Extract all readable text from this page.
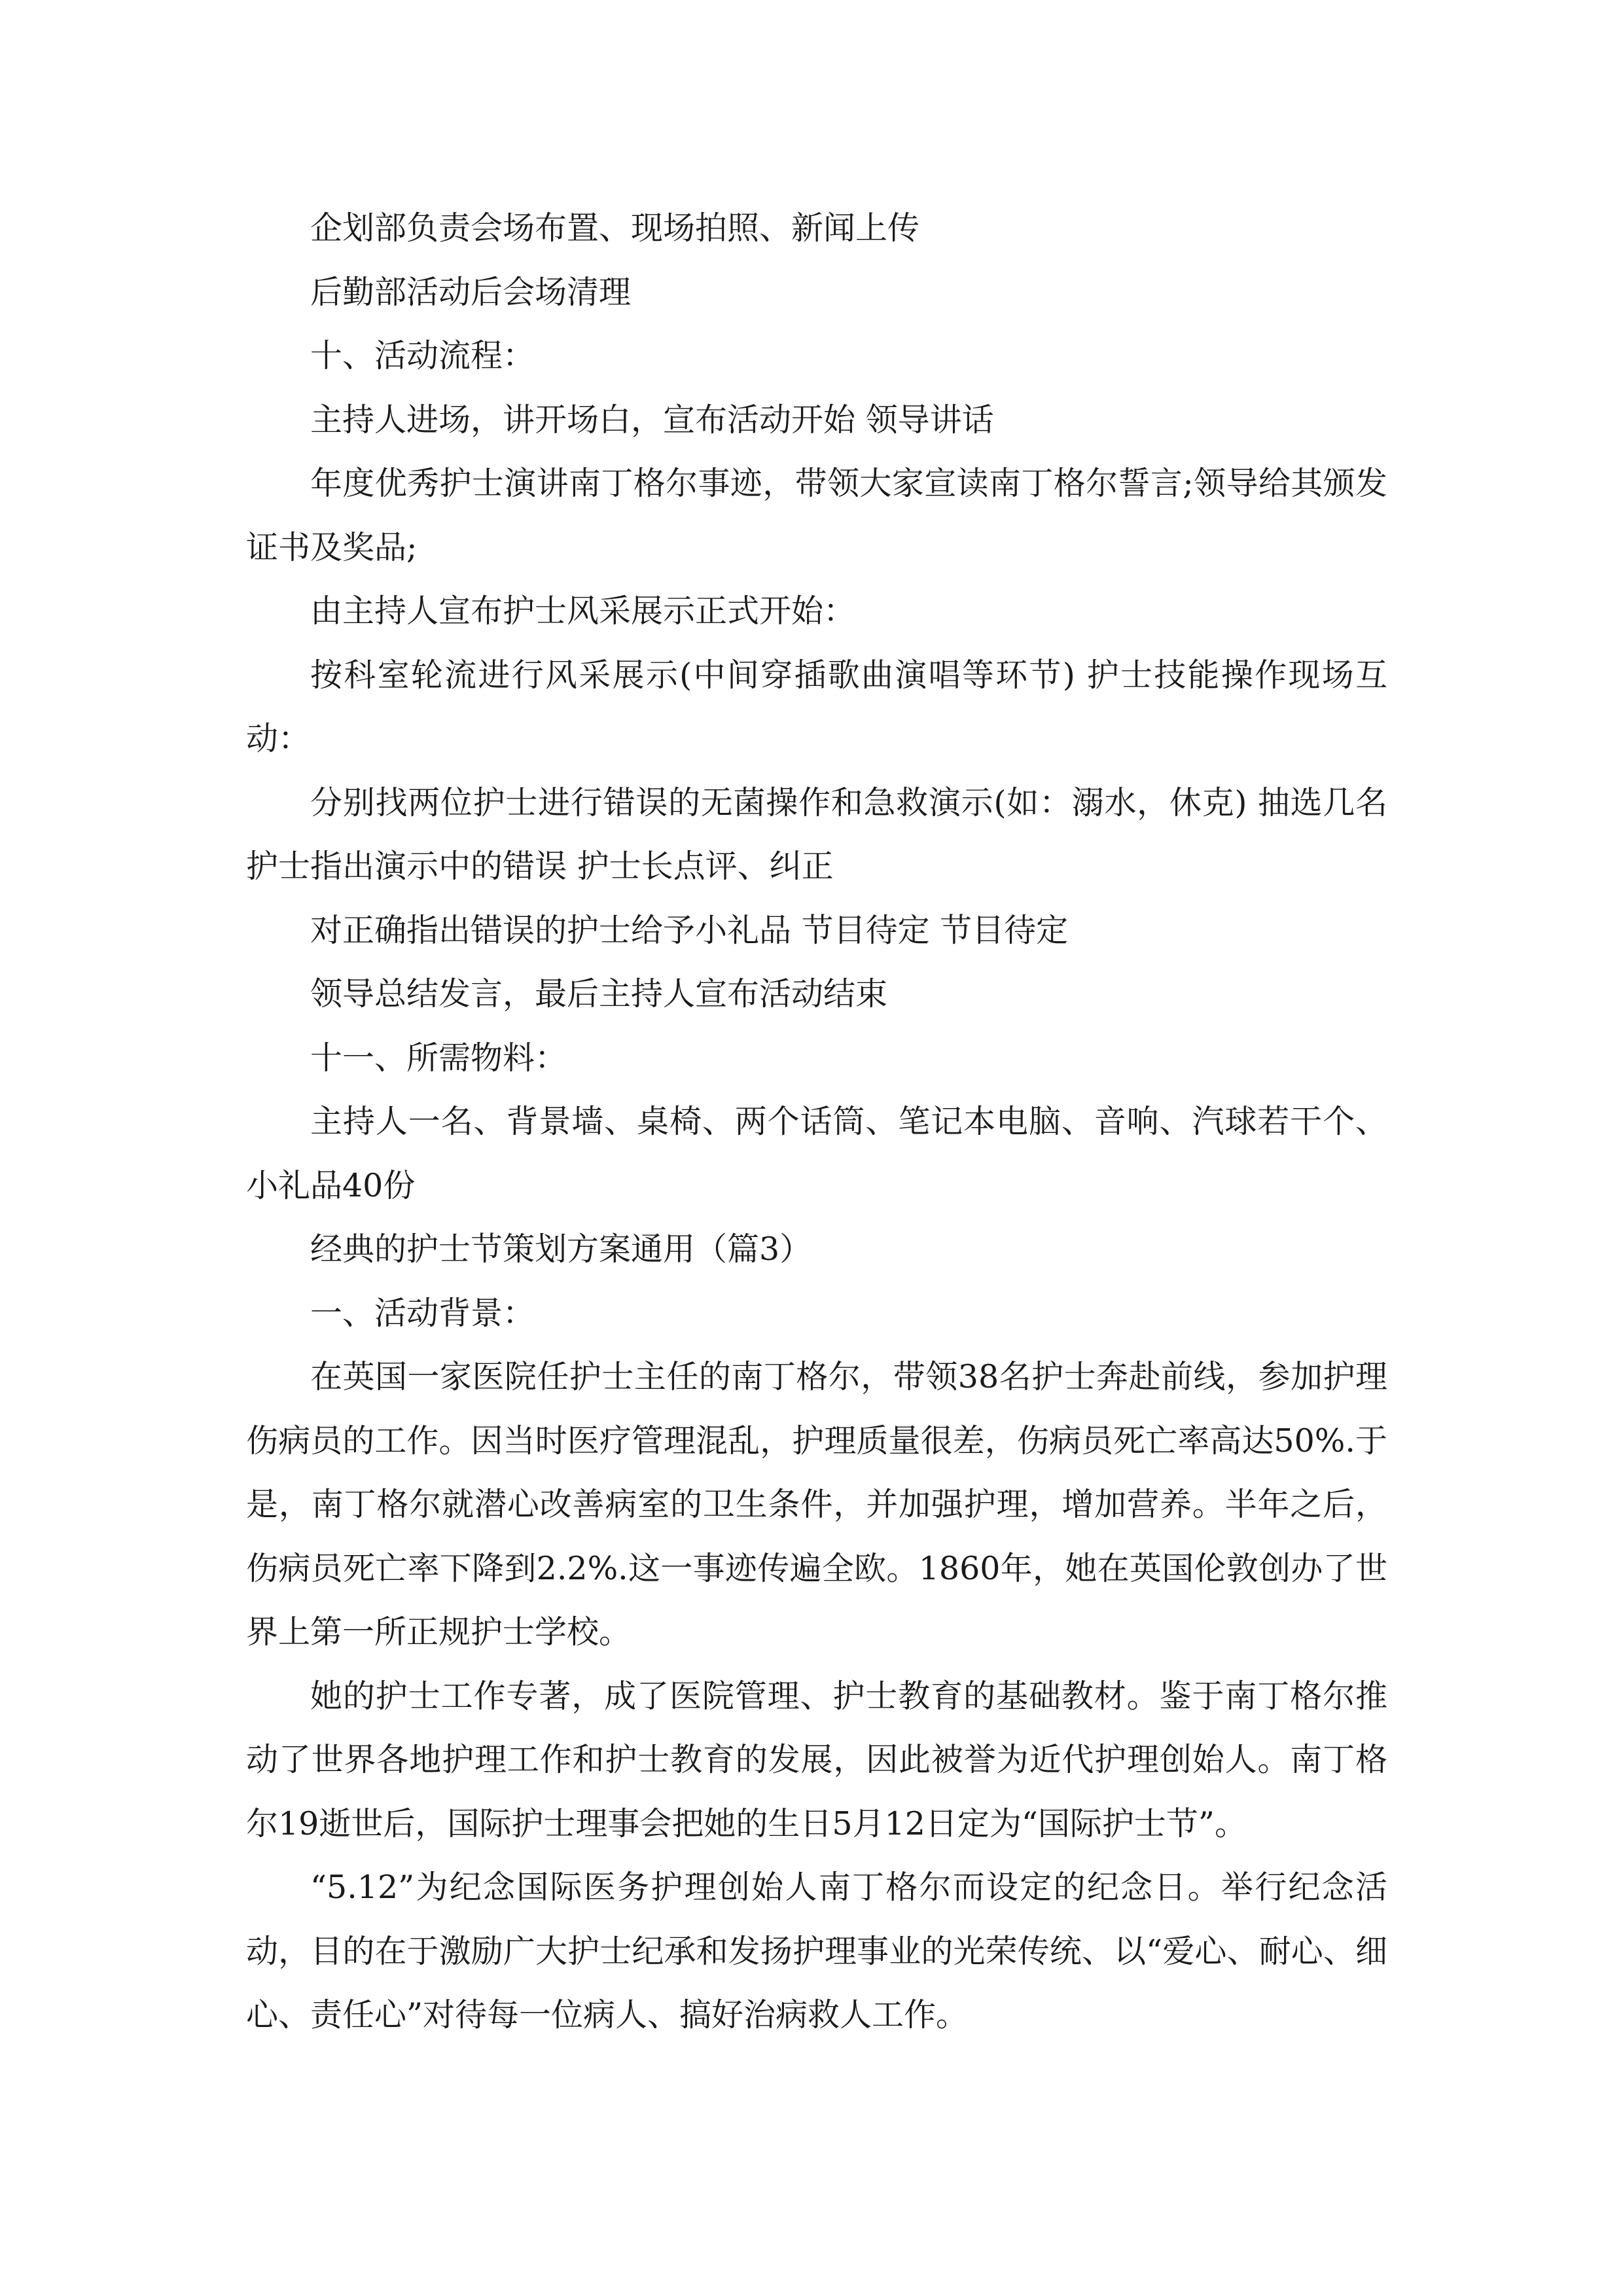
企划部负责会场布置、现场拍照、新闻上传

后勤部活动后会场清理

十、活动流程：

主持人进场，讲开场白，宣布活动开始 领导讲话

年度优秀护士演讲南丁格尔事迹，带领大家宣读南丁格尔誓言;领导给其颁发证书及奖品;

由主持人宣布护士风采展示正式开始：

按科室轮流进行风采展示(中间穿插歌曲演唱等环节) 护士技能操作现场互动：

分别找两位护士进行错误的无菌操作和急救演示(如：溺水，休克) 抽选几名护士指出演示中的错误 护士长点评、纠正

对正确指出错误的护士给予小礼品 节目待定 节目待定

领导总结发言，最后主持人宣布活动结束

十一、所需物料：

主持人一名、背景墙、桌椅、两个话筒、笔记本电脑、音响、汽球若干个、小礼品40份

经典的护士节策划方案通用（篇3）

一、活动背景：

在英国一家医院任护士主任的南丁格尔，带领38名护士奔赴前线，参加护理伤病员的工作。因当时医疗管理混乱，护理质量很差，伤病员死亡率高达50%.于是，南丁格尔就潜心改善病室的卫生条件，并加强护理，增加营养。半年之后，伤病员死亡率下降到2.2%.这一事迹传遍全欧。1860年，她在英国伦敦创办了世界上第一所正规护士学校。

她的护士工作专著，成了医院管理、护士教育的基础教材。鉴于南丁格尔推动了世界各地护理工作和护士教育的发展，因此被誉为近代护理创始人。南丁格尔19逝世后，国际护士理事会把她的生日5月12日定为“国际护士节”。

“5.12”为纪念国际医务护理创始人南丁格尔而设定的纪念日。举行纪念活动，目的在于激励广大护士纪承和发扬护理事业的光荣传统、以“爱心、耐心、细心、责任心”对待每一位病人、搞好治病救人工作。
